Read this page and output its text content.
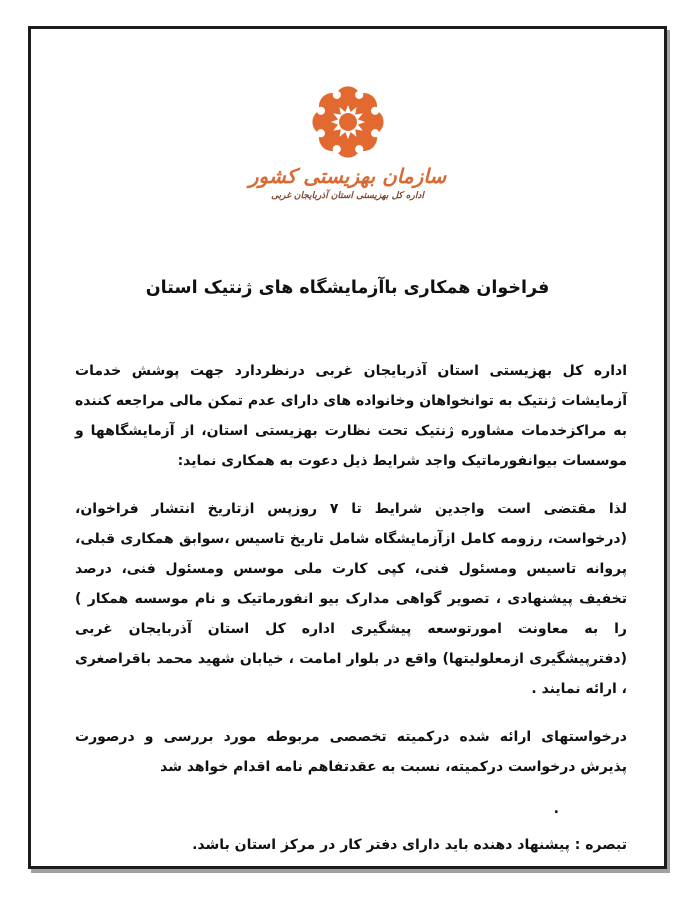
سازمان بهزیستی کشور
اداره کل بهزیستی استان آذربایجان غربی
فراخوان همکاری باآزمایشگاه های ژنتیک استان

اداره کل بهزیستی استان آذربایجان غربی درنظردارد جهت پوشش خدمات آزمایشات ژنتیک به توانخواهان وخانواده های دارای عدم تمکن مالی مراجعه کننده به مراکزخدمات مشاوره ژنتیک تحت نظارت بهزیستی استان، از آزمایشگاهها و موسسات بیوانفورماتیک واجد شرایط ذیل دعوت به همکاری نماید:

لذا مقتضی است واجدین شرایط تا ۷ روزپس ازتاریخ انتشار فراخوان، (درخواست، رزومه کامل ازآزمایشگاه شامل تاریخ تاسیس ،سوابق همکاری قبلی، پروانه تاسیس ومسئول فنی، کپی کارت ملی موسس ومسئول فنی، درصد تخفیف پیشنهادی ، تصویر گواهی مدارک بیو انفورماتیک و نام موسسه همکار ) را به معاونت امورتوسعه پیشگیری اداره کل استان آذربایجان غربی (دفترپیشگیری ازمعلولیتها) واقع در بلوار امامت ، خیابان شهید محمد باقراصغری ، ارائه نمایند .

درخواستهای ارائه شده درکمیته تخصصی مربوطه مورد بررسی و درصورت پذیرش درخواست درکمیته، نسبت به عقدتفاهم نامه اقدام خواهد شد

.

تبصره : پیشنهاد دهنده باید دارای دفتر کار در مرکز استان باشد.
